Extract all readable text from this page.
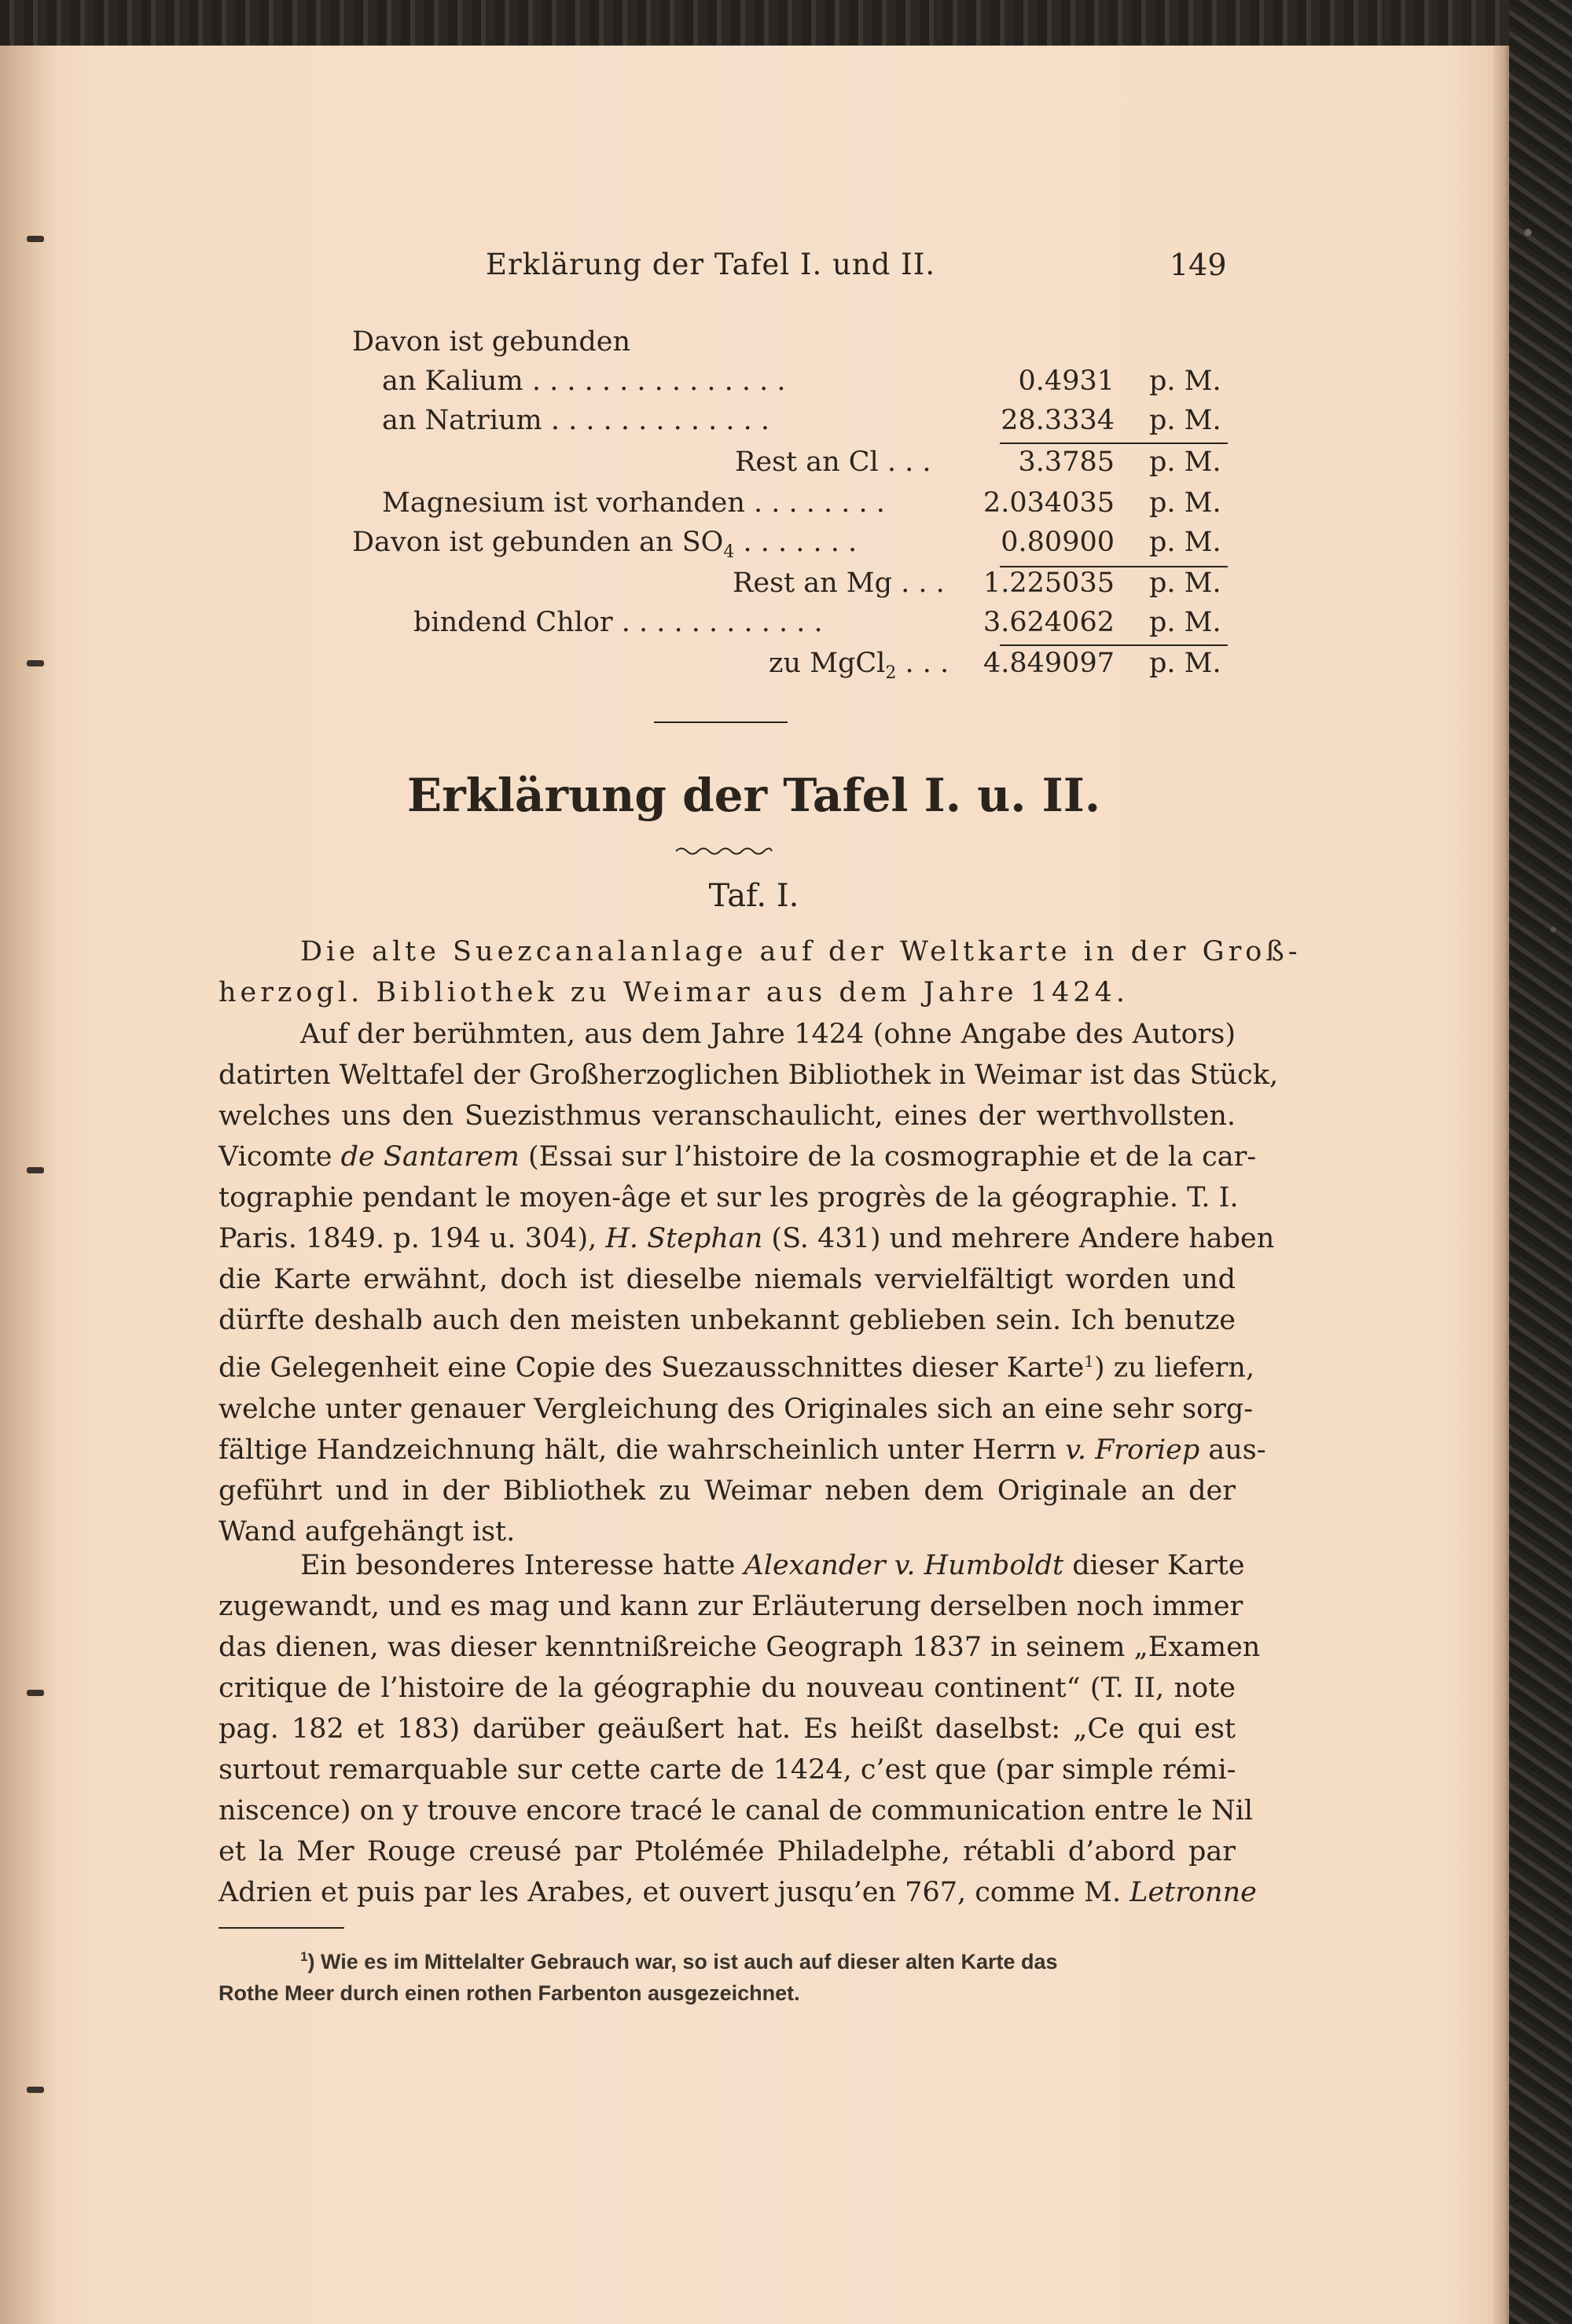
Erklärung der Tafel I. und II.	149
Davon ist gebunden
an Kalium . . . . . . . . . . . . . . .	0.4931 p. M.
an Natrium . . . . . . . . . . . . .	28.3334 p. M.
Rest an Cl . . .	3.3785 p. M.
Magnesium ist vorhanden . . . . . . . .	2.034035 p. M.
Davon ist gebunden an $SO_4$ . . . . . . .	0.80900 p. M.
Rest an Mg . . . 1.225035 p. M.
bindend Chlor . . . . . . . . . . . .	3.624062 p. M.
zu MgCl$_2$ . . . 4.849097 p. M.
Erklärung der Tafel I. u. II.
Taf. I.

Die alte Suezcanalanlage auf der Weltkarte in der Groß-
herzogl. Bibliothek zu Weimar aus dem Jahre 1424.

Auf der berühmten, aus dem Jahre 1424 (ohne Angabe des Autors)
datirten Welttafel der Großherzoglichen Bibliothek in Weimar ist das Stück,
welches uns den Suezisthmus veranschaulicht, eines der werthvollsten.
Vicomte de Santarem (Essai sur l’histoire de la cosmographie et de la car-
tographie pendant le moyen-âge et sur les progrès de la géographie. T. I.
Paris. 1849. p. 194 u. 304), H. Stephan (S. 431) und mehrere Andere haben
die Karte erwähnt, doch ist dieselbe niemals vervielfältigt worden und
dürfte deshalb auch den meisten unbekannt geblieben sein. Ich benutze
die Gelegenheit eine Copie des Suezausschnittes dieser Karte$^1$) zu liefern,
welche unter genauer Vergleichung des Originales sich an eine sehr sorg-
fältige Handzeichnung hält, die wahrscheinlich unter Herrn v. Froriep aus-
geführt und in der Bibliothek zu Weimar neben dem Originale an der
Wand aufgehängt ist.

Ein besonderes Interesse hatte Alexander v. Humboldt dieser Karte
zugewandt, und es mag und kann zur Erläuterung derselben noch immer
das dienen, was dieser kenntnißreiche Geograph 1837 in seinem „Examen
critique de l’histoire de la géographie du nouveau continent“ (T. II, note
pag. 182 et 183) darüber geäußert hat. Es heißt daselbst: „Ce qui est
surtout remarquable sur cette carte de 1424, c’est que (par simple rémi-
niscence) on y trouve encore tracé le canal de communication entre le Nil
et la Mer Rouge creusé par Ptolémée Philadelphe, rétabli d’abord par
Adrien et puis par les Arabes, et ouvert jusqu’en 767, comme M. Letronne

$^1$) Wie es im Mittelalter Gebrauch war, so ist auch auf dieser alten Karte das
Rothe Meer durch einen rothen Farbenton ausgezeichnet.
